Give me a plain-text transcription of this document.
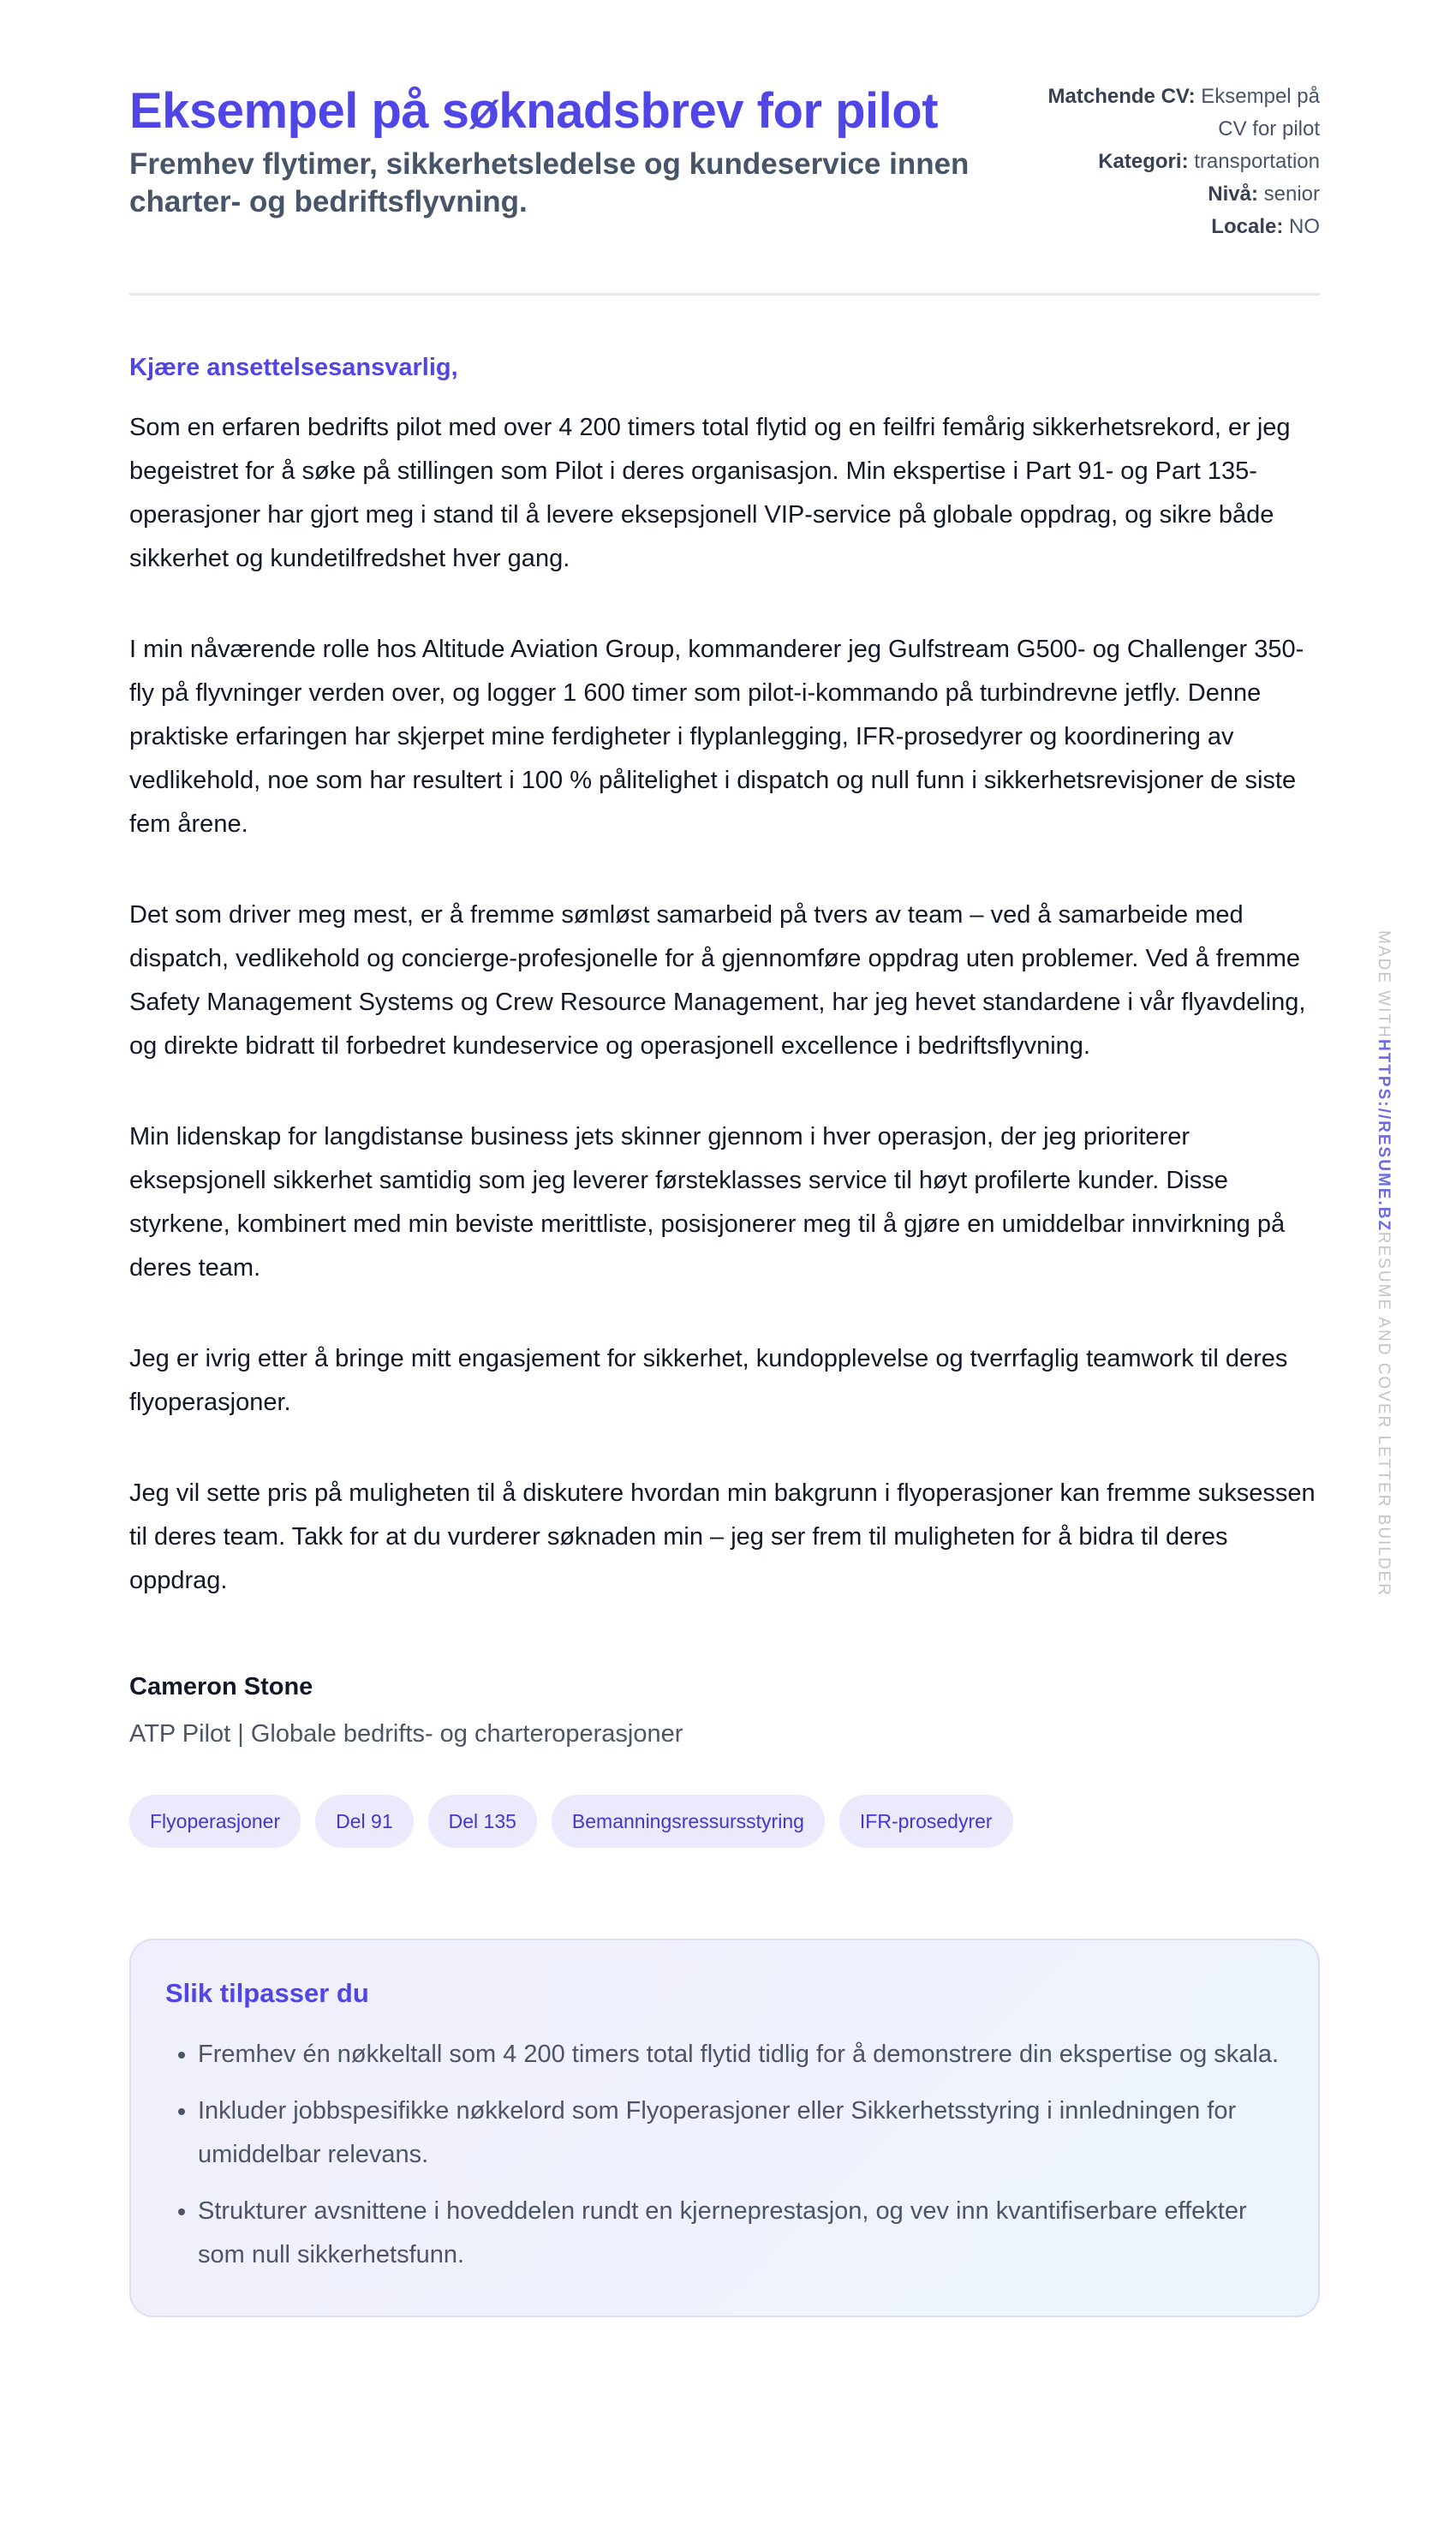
Eksempel på søknadsbrev for pilot
Fremhev flytimer, sikkerhetsledelse og kundeservice innen charter- og bedriftsflyvning.
Matchende CV: Eksempel på CV for pilot
Kategori: transportation
Nivå: senior
Locale: NO
Kjære ansettelsesansvarlig,

Som en erfaren bedrifts pilot med over 4 200 timers total flytid og en feilfri femårig sikkerhetsrekord, er jeg begeistret for å søke på stillingen som Pilot i deres organisasjon. Min ekspertise i Part 91- og Part 135-operasjoner har gjort meg i stand til å levere eksepsjonell VIP-service på globale oppdrag, og sikre både sikkerhet og kundetilfredshet hver gang.

I min nåværende rolle hos Altitude Aviation Group, kommanderer jeg Gulfstream G500- og Challenger 350-fly på flyvninger verden over, og logger 1 600 timer som pilot-i-kommando på turbindrevne jetfly. Denne praktiske erfaringen har skjerpet mine ferdigheter i flyplanlegging, IFR-prosedyrer og koordinering av vedlikehold, noe som har resultert i 100 % pålitelighet i dispatch og null funn i sikkerhetsrevisjoner de siste fem årene.

Det som driver meg mest, er å fremme sømløst samarbeid på tvers av team – ved å samarbeide med dispatch, vedlikehold og concierge-profesjonelle for å gjennomføre oppdrag uten problemer. Ved å fremme Safety Management Systems og Crew Resource Management, har jeg hevet standardene i vår flyavdeling, og direkte bidratt til forbedret kundeservice og operasjonell excellence i bedriftsflyvning.

Min lidenskap for langdistanse business jets skinner gjennom i hver operasjon, der jeg prioriterer eksepsjonell sikkerhet samtidig som jeg leverer førsteklasses service til høyt profilerte kunder. Disse styrkene, kombinert med min beviste merittliste, posisjonerer meg til å gjøre en umiddelbar innvirkning på deres team.

Jeg er ivrig etter å bringe mitt engasjement for sikkerhet, kundopplevelse og tverrfaglig teamwork til deres flyoperasjoner.

Jeg vil sette pris på muligheten til å diskutere hvordan min bakgrunn i flyoperasjoner kan fremme suksessen til deres team. Takk for at du vurderer søknaden min – jeg ser frem til muligheten for å bidra til deres oppdrag.

Cameron Stone
ATP Pilot | Globale bedrifts- og charteroperasjoner
Flyoperasjoner	Del 91	Del 135	Bemanningsressursstyring	IFR-prosedyrer
Slik tilpasser du
• Fremhev én nøkkeltall som 4 200 timers total flytid tidlig for å demonstrere din ekspertise og skala.
• Inkluder jobbspesifikke nøkkelord som Flyoperasjoner eller Sikkerhetsstyring i innledningen for umiddelbar relevans.
• Strukturer avsnittene i hoveddelen rundt en kjerneprestasjon, og vev inn kvantifiserbare effekter som null sikkerhetsfunn.
MADE WITHHTTPS://RESUME.BZRESUME AND COVER LETTER BUILDER
